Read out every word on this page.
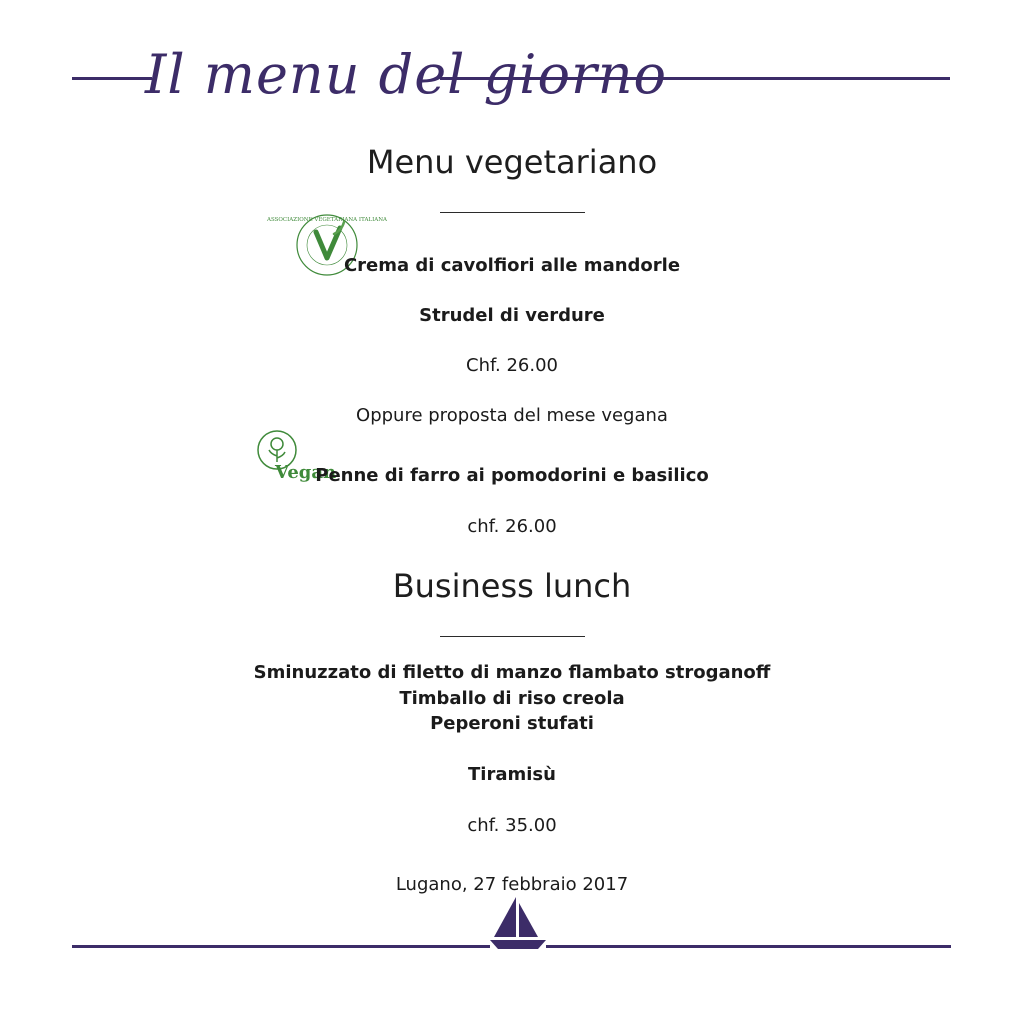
Il menu del giorno
Menu vegetariano
ASSOCIAZIONE VEGETARIANA ITALIANA
Crema di cavolfiori alle mandorle
Strudel di verdure
Chf. 26.00
Oppure proposta del mese vegana
Vegan
Penne di farro ai pomodorini e basilico
chf. 26.00
Business lunch
Sminuzzato di filetto di manzo flambato stroganoff
Timballo di riso creola
Peperoni stufati
Tiramisù
chf. 35.00
Lugano, 27 febbraio 2017
